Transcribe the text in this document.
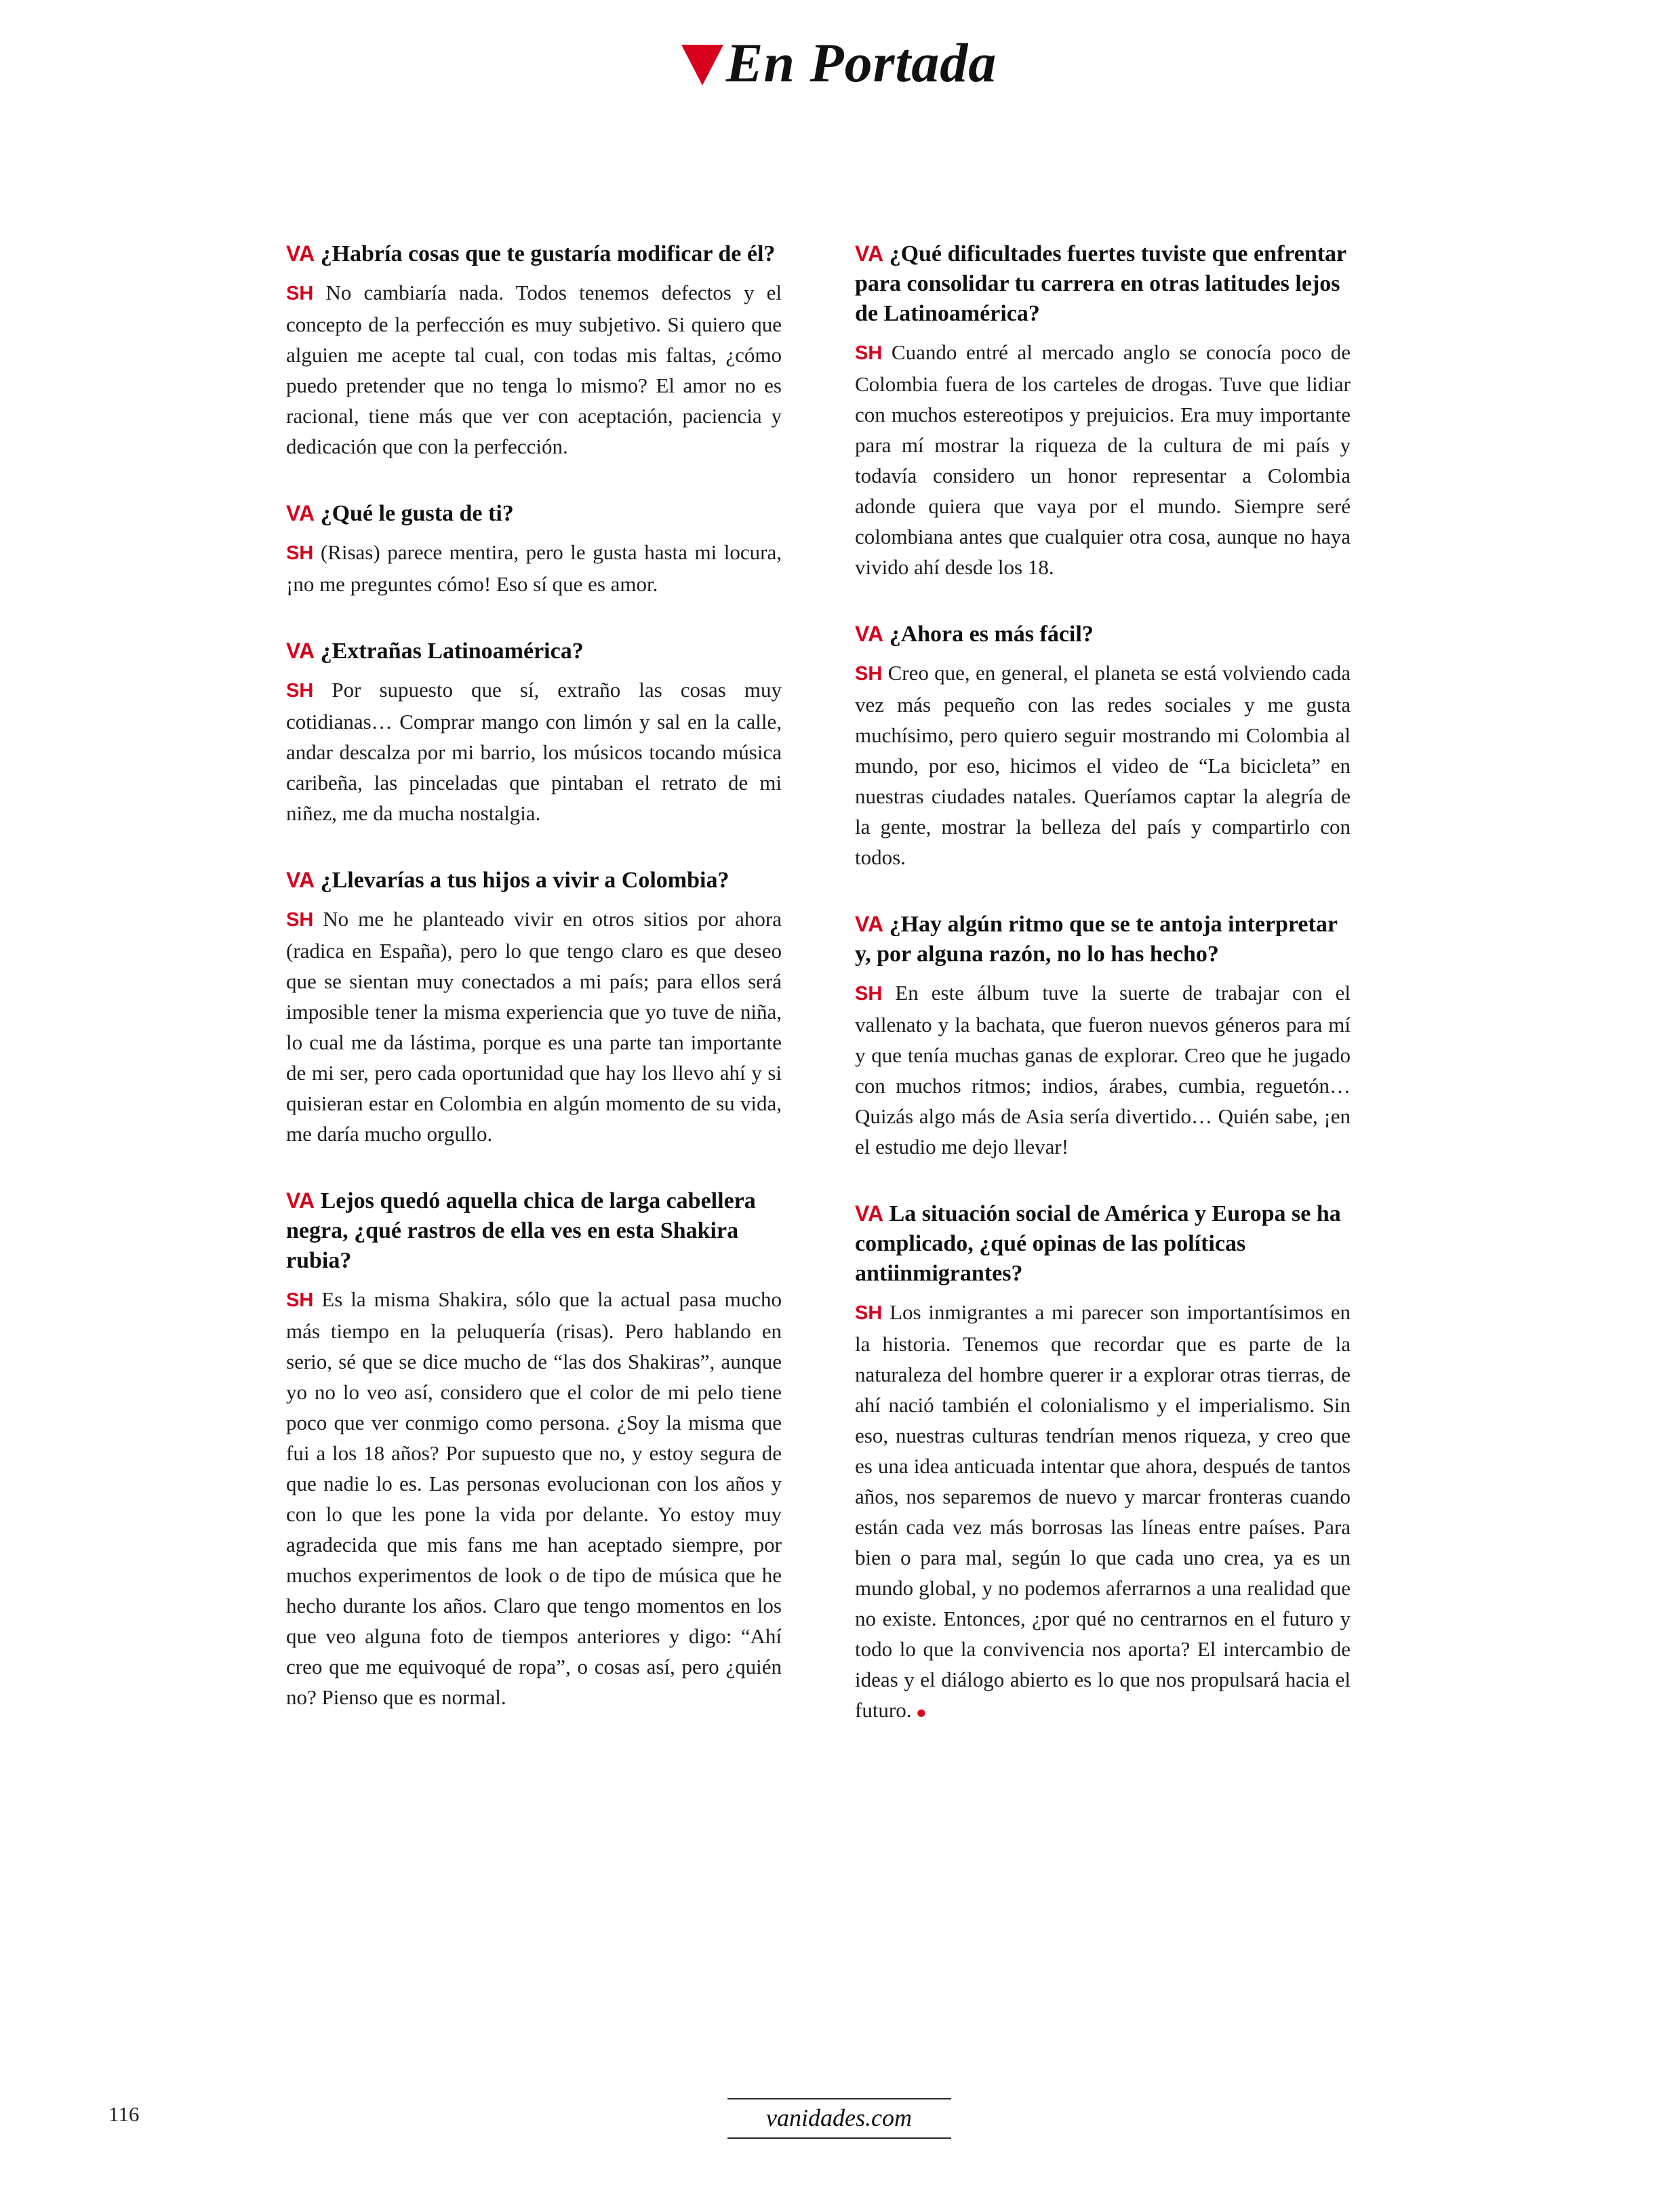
En Portada
VA ¿Habría cosas que te gustaría modificar de él?

SH No cambiaría nada. Todos tenemos defectos y el concepto de la perfección es muy subjetivo. Si quiero que alguien me acepte tal cual, con todas mis faltas, ¿cómo puedo pretender que no tenga lo mismo? El amor no es racional, tiene más que ver con aceptación, paciencia y dedicación que con la perfección.

VA ¿Qué le gusta de ti?

SH (Risas) parece mentira, pero le gusta hasta mi locura, ¡no me preguntes cómo! Eso sí que es amor.

VA ¿Extrañas Latinoamérica?

SH Por supuesto que sí, extraño las cosas muy cotidianas… Comprar mango con limón y sal en la calle, andar descalza por mi barrio, los músicos tocando música caribeña, las pinceladas que pintaban el retrato de mi niñez, me da mucha nostalgia.

VA ¿Llevarías a tus hijos a vivir a Colombia?

SH No me he planteado vivir en otros sitios por ahora (radica en España), pero lo que tengo claro es que deseo que se sientan muy conectados a mi país; para ellos será imposible tener la misma experiencia que yo tuve de niña, lo cual me da lástima, porque es una parte tan importante de mi ser, pero cada oportunidad que hay los llevo ahí y si quisieran estar en Colombia en algún momento de su vida, me daría mucho orgullo.

VA Lejos quedó aquella chica de larga cabellera negra, ¿qué rastros de ella ves en esta Shakira rubia?

SH Es la misma Shakira, sólo que la actual pasa mucho más tiempo en la peluquería (risas). Pero hablando en serio, sé que se dice mucho de “las dos Shakiras”, aunque yo no lo veo así, considero que el color de mi pelo tiene poco que ver conmigo como persona. ¿Soy la misma que fui a los 18 años? Por supuesto que no, y estoy segura de que nadie lo es. Las personas evolucionan con los años y con lo que les pone la vida por delante. Yo estoy muy agradecida que mis fans me han aceptado siempre, por muchos experimentos de look o de tipo de música que he hecho durante los años. Claro que tengo momentos en los que veo alguna foto de tiempos anteriores y digo: “Ahí creo que me equivoqué de ropa”, o cosas así, pero ¿quién no? Pienso que es normal.

VA ¿Qué dificultades fuertes tuviste que enfrentar para consolidar tu carrera en otras latitudes lejos de Latinoamérica?

SH Cuando entré al mercado anglo se conocía poco de Colombia fuera de los carteles de drogas. Tuve que lidiar con muchos estereotipos y prejuicios. Era muy importante para mí mostrar la riqueza de la cultura de mi país y todavía considero un honor representar a Colombia adonde quiera que vaya por el mundo. Siempre seré colombiana antes que cualquier otra cosa, aunque no haya vivido ahí desde los 18.

VA ¿Ahora es más fácil?

SH Creo que, en general, el planeta se está volviendo cada vez más pequeño con las redes sociales y me gusta muchísimo, pero quiero seguir mostrando mi Colombia al mundo, por eso, hicimos el video de “La bicicleta” en nuestras ciudades natales. Queríamos captar la alegría de la gente, mostrar la belleza del país y compartirlo con todos.

VA ¿Hay algún ritmo que se te antoja interpretar y, por alguna razón, no lo has hecho?

SH En este álbum tuve la suerte de trabajar con el vallenato y la bachata, que fueron nuevos géneros para mí y que tenía muchas ganas de explorar. Creo que he jugado con muchos ritmos; indios, árabes, cumbia, reguetón… Quizás algo más de Asia sería divertido… Quién sabe, ¡en el estudio me dejo llevar!

VA La situación social de América y Europa se ha complicado, ¿qué opinas de las políticas antiinmigrantes?

SH Los inmigrantes a mi parecer son importantísimos en la historia. Tenemos que recordar que es parte de la naturaleza del hombre querer ir a explorar otras tierras, de ahí nació también el colonialismo y el imperialismo. Sin eso, nuestras culturas tendrían menos riqueza, y creo que es una idea anticuada intentar que ahora, después de tantos años, nos separemos de nuevo y marcar fronteras cuando están cada vez más borrosas las líneas entre países. Para bien o para mal, según lo que cada uno crea, ya es un mundo global, y no podemos aferrarnos a una realidad que no existe. Entonces, ¿por qué no centrarnos en el futuro y todo lo que la convivencia nos aporta? El intercambio de ideas y el diálogo abierto es lo que nos propulsará hacia el futuro. ●

116	vanidades.com
